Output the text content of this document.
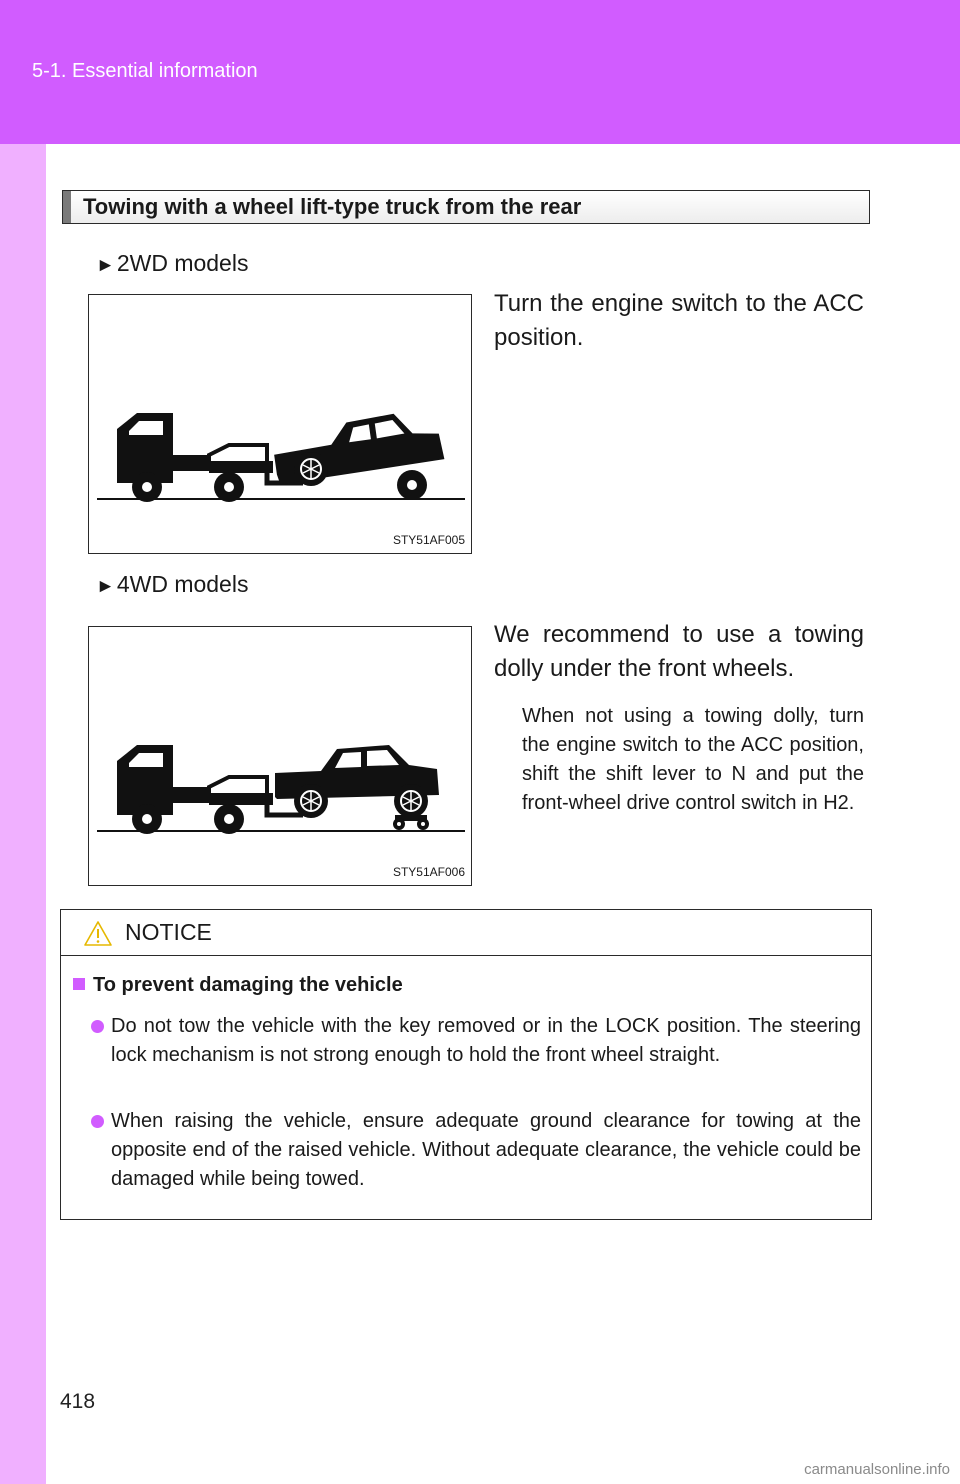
5-1. Essential information
Towing with a wheel lift-type truck from the rear
►2WD models
STY51AF005
Turn the engine switch to the ACC position.
►4WD models
STY51AF006
We recommend to use a towing dolly under the front wheels.
When not using a towing dolly, turn the engine switch to the ACC position, shift the shift lever to N and put the front-wheel drive control switch in H2.
NOTICE
To prevent damaging the vehicle
Do not tow the vehicle with the key removed or in the LOCK position. The steering lock mechanism is not strong enough to hold the front wheel straight.
When raising the vehicle, ensure adequate ground clearance for towing at the opposite end of the raised vehicle. Without adequate clearance, the vehicle could be damaged while being towed.
418
carmanualsonline.info
